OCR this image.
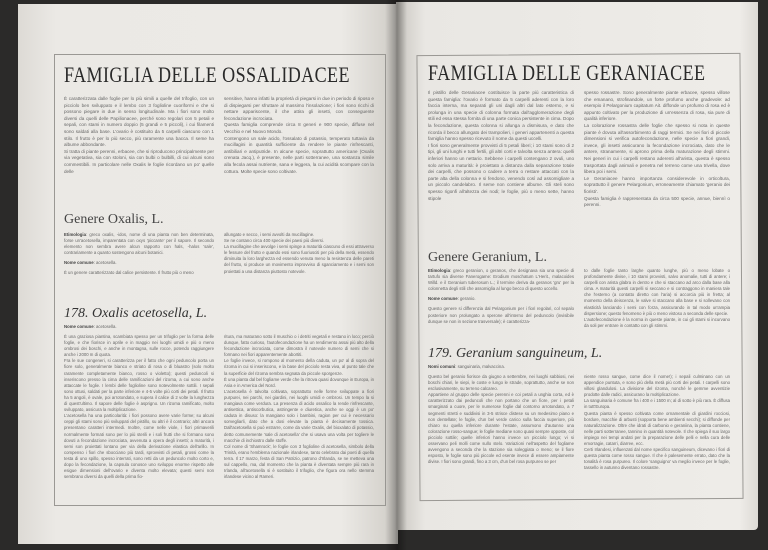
FAMIGLIA DELLE OSSALIDACEE

È caratterizzata dalle foglie per lo più simili a quelle del trifoglio, con un picciolo ben sviluppato e il lembo con 3 foglioline cuoriformi e che si possono piegare in due in senso longitudinale. Ma i fiori sono molto diversi da quelli delle Papilionacee, perché sono regolari con 5 petali e sepali, con stami in numero doppio (5 grandi e 5 piccoli), i cui filamenti sono saldati alla base. L'ovario è costituito da 5 carpelli ciascuno con 1 stilo. Il frutto è per lo più secco, più raramente una bacca. Il seme ha albume abbondante.

Si tratta di piante perenni, erbacee, che si riproducono principalmente per via vegetativa, sia con stoloni, sia con bulbi o bulbilli, di cui alcuni sono commestibili. In particolare nelle Oxalis le foglie ricordano un po' quelle delle

sensitive, hanno infatti la proprietà di piegarsi in due in periodo di riposo e di dispiegarsi per sfruttare al massimo l'insolazione; i fiori sono ricchi di nettare appariscente, il che attira gli insetti, con conseguente fecondazione incrociata.

Questa famiglia comprende circa 8 generi e 900 specie, diffuse nel Vecchio e nel Nuovo Mondo.

Contengono un sale acido, l'ossalato di potassio, temperato tuttavia da mucillagini in quantità sufficiente da rendere le piante rinfrescanti, antibiliari e antiputride. In alcune specie, soprattutto americane (Oxalis crenata Jacq.), è presente, nelle parti sotterranee, una sostanza simile alla fecola assai nutriente, sana e leggera, la cui acidità scompare con la cottura. Molte specie sono coltivate.

Genere Oxalis, L.

Etimologia: greco oxalis, -idos, nome di una pianta non ben determinata, forse un'acetosella, imparentata con oxys 'piccante' per il sapore. Il secondo elemento non sembra avere alcun rapporto con hals, -halos 'sale', contrariamente a quanto sostengono alcuni botanici.

Nome comune: acetosella.

È un genere caratterizzato dal calice persistente. Il frutto più o meno

allungato e secco, i semi avvolti da mucillagine.

Se ne contano circa 400 specie dei paesi più diversi.

La mucillagine che avvolge i semi spinge a maturità ciascuno di essi attraverso le fessure del frutto e quando essi sono fuoriusciti per più della metà, essendo diminuita la loro larghezza ed essendo venuta meno la resistenza delle pareti del frutto, si produce un movimento improvviso di sganciamento e i semi son proiettati a una distanza piuttosto notevole.

178. Oxalis acetosella, L.
Nome comune: acetosella.

È una graziosa piantina, scambiata spesso per un trifoglio per la forma delle foglie, e che fiorisce in aprile e in maggio nei luoghi umidi e più o meno ombrosi dei boschi, e anche in montagna, sulle rocce, potendo raggiungere anche i 2000 m di quota.

Fra le sue congeneri, si caratterizza per il fatto che ogni peduncolo porta un fiore solo, generalmente bianco e striato di rosa o di bluastro (solo molto raramente completamente bianco, rosso o violetto); questi peduncoli si inseriscono presso la cima delle ramificazioni del rizoma, a cui sono anche attaccate le foglie. I lembi delle foglioline sono notevolmente sottili. I sepali sono ottusi, saldati per la parte inferiore e 4-5 volte più corti dei petali. Il frutto ha 5 angoli, è ovale, poi arrotondato, e supera il calice di 2 volte la lunghezza di quest'ultimo. Il sapore delle foglie è asprigno. Un rizoma ramificato, molto sviluppato, assicura la moltiplicazione.

L'acetosella ha una particolarità: i fiori possono avere varie forme; su alcuni ceppi gli stami sono più sviluppati del pistillo, su altri è il contrario; altri ancora presentano caratteri intermedi. Inoltre, come nelle viole, i fiori primaverili normalmente formati sono per lo più sterili e i soli frutti che si formano sono dovuti a fecondazione incrociata, avvenuta a opera degli insetti; a maturità, i semi son proiettati lontano per via della derivazione elastica dell'arillo. In compenso i fiori che sbocciano più tardi, sprovvisti di petali, grossi come la testa di uno spillo, spesso interrati, sono retti da un peduncolo molto corto e, dopo la fecondazione, la capsula conosce uno sviluppo enorme rispetto alle esigue dimensioni dell'ovario e diventa molto elevata; questi semi non sembrano diversi da quelli della prima fio-

ritura, ma maturano sotto il muschio o i detriti vegetali e restano in loco; perciò dunque, fatto curioso, l'autofecondazione ha un rendimento assai più alto della fecondazione incrociata, come dimostra il notevole numero di semi che si formano nei fiori apparentemente abortiti.

Le foglie invece, si rompono al momento della caduta, un po' al di sopra del rizoma in cui si inseriscono, e la base del picciolo resta viva, al punto tale che la superficie del rizoma sembra segnata da piccole sporgenze.

È una pianta dal bel fogliame verde che la ritrova quasi dovunque in Europa, in Asia e in America del Nord.

L'acetosella è talvolta coltivata, soprattutto nelle forme sviluppate a fiori purpurei, nei parchi, nei giardini, nei luoghi umidi e ombrosi. Un tempo la si mangiava come verdura. La presenza di acido ossalico la rende rinfrescante, antisettica, antiscorbutica, astringente e diuretica, anche se oggi è un po' caduta in disuso: la mangiano solo i bambini, ragion per cui è necessario sorvegliarli, dato che a dosi elevate la pianta è decisamente tossica. Dall'acetosella si può estrarre, come da varie Oxalis, del bioxalato di potassio, detto comunemente 'sale di acetosella' che si usava una volta per togliere le macchie di inchiostro dalle stoffe.

Col nome di 'Shamrock', le foglie con 3 foglioline di acetosella, simbolo della Trinità, erano l'emblema nazionale irlandese, tanto celebrato dai poeti di quella terra. Il 17 marzo, festa di San Patrizio, patrono d'Irlanda, se ne metteva una sul cappello, ma, dal momento che la pianta è diventata sempre più rara in Irlanda, all'acetosella si è sostituito il trifoglio, che figura ora nello stemma irlandese vicino al Rameri.

FAMIGLIA DELLE GERANIACEE

Il pistillo delle Geraniacee costituisce la parte più caratteristica di questa famiglia: l'ovario è formato da 5 carpelli aderenti con la loro faccia interna, ma separati gli uni dagli altri dal lato esterno, e si prolunga in una specie di colonna formata dall'agglomerazione degli stili ed essa stessa fornita di una parte conica persistente in cima. Dopo la fecondazione, questa colonna si allunga a dismisura, e dato che ricorda il becco allungato dei trampolieri, i generi appartenenti a questa famiglia hanno spesso ricevuto il nome da questi uccelli.

I fiori sono generalmente provvisti di 5 petali liberi; i 10 stami sono di 2 tipi, gli uni lunghi e tutti fertili, gli altri corti e talvolta senza antera: quelli inferiori hanno un nettario. Sebbene i carpelli contengano 2 ovuli, uno solo arriva a maturità: è proiettato a distanza dalla separazione totale dei carpelli, che possono o cadere a terra o restare attaccati con la parte alta della colonna e si fendono, venendo così ad assomigliare a un piccolo candelabro. Il seme non contiene albume. Gli steli sono spesso rigonfi all'altezza dei nodi; le foglie, più o meno sette, hanno stipole

spesso rossastre. Sono generalmente piante erbacee, spesso villose che emanano, strofinandole, un forte profumo anche gradevole: ad esempio il Pelargonium capitatum Ait. diffonde un profumo di rosa ed è appunto coltivato per la produzione di un'essenza di rosa, sia pure di qualità inferiore.

La colorazione rossastra delle foglie che spesso si nota in queste piante è dovuta all'assorbimento di raggi termici. Se nei fiori di piccole dimensioni si verifica autofecondazione, nelle specie a fiori grandi, invece, gli insetti assicurano la fecondazione incrociata, dato che le antere, stranamente, si aprono prima della maturazione degli stimmi. Nei generi in cui i carpelli restano aderenti all'arista, questa è spesso trasportata dagli animali e penetra nel terreno come una trivella, dove libera poi i semi.

Le Geraniacee hanno importanza considerevole in orticoltura, soprattutto il genere Pelargonium, erroneamente chiamato 'geranio dei fioristi'.

Questa famiglia è rappresentata da circa 500 specie, annue, biennì o perenni.

Genere Geranium, L.

Etimologia: greco geranion, o geranos, che designava sia una specie di tartufo sia diverse Fanerogame: Erodium moschatum L'Herit., malacoides Willd. e il Geranium tuberosum L.; il termine deriva da geranos 'gru' per la colonnetta degli stili che assomiglia al lungo becco di questo uccello.

Nome comune: geranio.

Questo genere si differenzia dal Pelargonium per i fiori regolari, col sepalo posteriore non prolungato a sperone all'interno del peduncolo (invisibile dunque se non in sezione trasversale); è caratterizza-

to dalle foglie tanto larghe quanto lunghe, più o meno lobate o profondamente divise, i 10 stami provvisti, salvo anomalie, tutti di antere; i carpelli con arista glabra in dentro e che si staccano ad arco dalla base alla cima. A maturità questi carpelli si seccano e si contraggono in maniera tale che l'esterno (a contatto diretto con l'aria) si accorcia più in fretta; al momento della deiscenza, le valve si staccano alla base e si sollevano con elasticità lanciando i semi con forza, assicurando in tal modo un'ampia dispersione; questo fenomeno è più o meno vistoso a seconda delle specie.

L'autofecondazione è la norma in queste piante, in cui gli stami si incurvano da soli per entrare in contatto con gli stimmi.

179. Geranium sanguineum, L.
Nomi comuni: sanguinaria, malvaccina.

Questo bel geranio fiorisce da giugno a settembre, nei luoghi sabbiosi, nei boschi chiari, le siepi, le coste e lungo le strade, soprattutto, anche se non esclusivamente, su terreno calcareo.

Appartiene al gruppo delle specie perenni e coi petali a unghia corta, ed è caratterizzato dai peduncoli che non portano che un fiore, per i petali smarginati a cuore, per le numerose foglie dal contorno arrotondato, a 7 segmenti stretti e suddivisi in 3-5 strisce distese su un medesimo piano e non dentellate; le foglie, d'un bel verde carico sulla faccia superiore, più chiaro su quella inferiore durante l'estate, assumono d'autunno una colorazione rosso-sangue; le foglie mediane sono quasi sempre opposte, col picciolo sottile; quelle inferiori hanno invece un picciolo lungo; vi si osservano peli molli come sullo stelo. Variazioni nell'aspetto del fogliame avvengono a seconda che la stazione sia soleggiata o meno; se il fiore esposto, le foglie sono più piccole ed esente invece di essere ampiamente divise. I fiori sono grandi, fino a 3 cm, d'un bel rosa purpureo se per

niente rosso sangue, come dice il nome!); i sepali culminano con un appendice puntuta, e sono più della metà più corti dei petali. I carpelli sono villosi glandulosi. La divisione del rizoma, nonché le gemme avventizie prodotte dalle radici, assicurano la moltiplicazione.

La sanguinaria è comune fra i 400 e i 1500 m; al di sotto è più rara. È diffusa in tutt'Europa.

Questa pianta è spesso coltivata come ornamentale di giardini rocciosi, bordure, macchie di arbusti (sopporta bene ambienti secchi); si diffonde per naturalizzazione. Oltre che idrati di carbonio e geraniina, la pianta contiene, nelle parti sotterranee, tannino in quantità notevole. Il che spiega il suo largo impiego nei tempi andati per la preparazione delle pelli e nella cura delle emorragie, catarri, diarree, ecc.

Certi Irlandesi, influenzati dal nome specifico sanguineum, dicevano i fiori di questa pianta come rosso sangue. Il che è palesemente errato, dato che la tonalità è rosa purpureo. Il colore 'sanguigno' va meglio invece per le foglie, tassello in autunno diventano rossastre.
